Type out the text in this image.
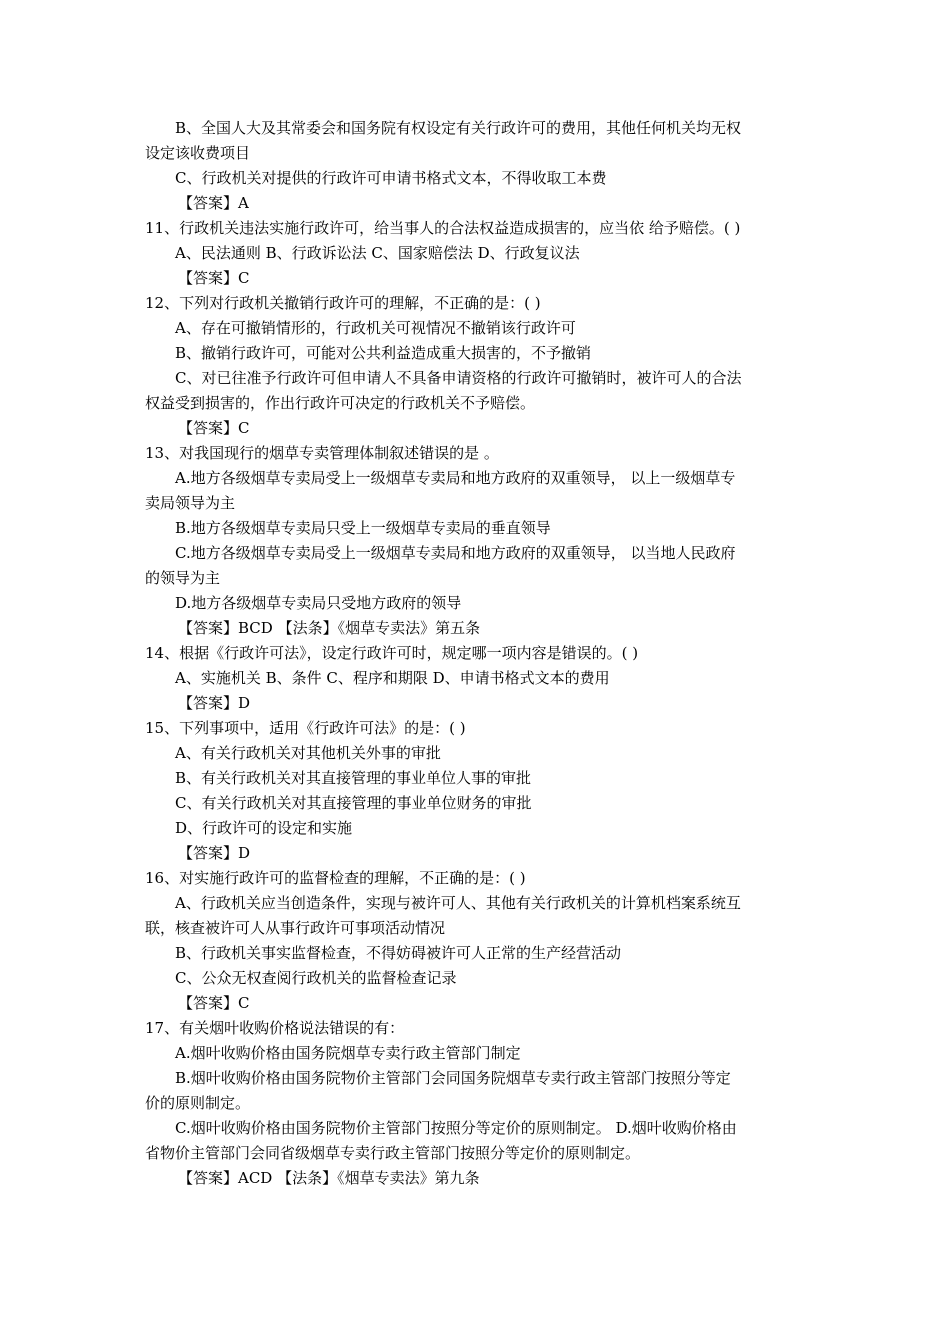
B、全国人大及其常委会和国务院有权设定有关行政许可的费用，其他任何机关均无权
设定该收费项目
C、行政机关对提供的行政许可申请书格式文本，不得收取工本费
【答案】A
11、行政机关违法实施行政许可，给当事人的合法权益造成损害的，应当依 给予赔偿。( )
A、民法通则 B、行政诉讼法 C、国家赔偿法 D、行政复议法
【答案】C
12、下列对行政机关撤销行政许可的理解，不正确的是：( )
A、存在可撤销情形的，行政机关可视情况不撤销该行政许可
B、撤销行政许可，可能对公共利益造成重大损害的，不予撤销
C、对已往准予行政许可但申请人不具备申请资格的行政许可撤销时，被许可人的合法
权益受到损害的，作出行政许可决定的行政机关不予赔偿。
【答案】C
13、对我国现行的烟草专卖管理体制叙述错误的是 。
A.地方各级烟草专卖局受上一级烟草专卖局和地方政府的双重领导， 以上一级烟草专
卖局领导为主
B.地方各级烟草专卖局只受上一级烟草专卖局的垂直领导
C.地方各级烟草专卖局受上一级烟草专卖局和地方政府的双重领导， 以当地人民政府
的领导为主
D.地方各级烟草专卖局只受地方政府的领导
【答案】BCD 【法条】《烟草专卖法》第五条
14、根据《行政许可法》，设定行政许可时，规定哪一项内容是错误的。( )
A、实施机关 B、条件 C、程序和期限 D、申请书格式文本的费用
【答案】D
15、下列事项中，适用《行政许可法》的是：( )
A、有关行政机关对其他机关外事的审批
B、有关行政机关对其直接管理的事业单位人事的审批
C、有关行政机关对其直接管理的事业单位财务的审批
D、行政许可的设定和实施
【答案】D
16、对实施行政许可的监督检查的理解，不正确的是：( )
A、行政机关应当创造条件，实现与被许可人、其他有关行政机关的计算机档案系统互
联，核查被许可人从事行政许可事项活动情况
B、行政机关事实监督检查，不得妨碍被许可人正常的生产经营活动
C、公众无权查阅行政机关的监督检查记录
【答案】C
17、有关烟叶收购价格说法错误的有：
A.烟叶收购价格由国务院烟草专卖行政主管部门制定
B.烟叶收购价格由国务院物价主管部门会同国务院烟草专卖行政主管部门按照分等定
价的原则制定。
C.烟叶收购价格由国务院物价主管部门按照分等定价的原则制定。 D.烟叶收购价格由
省物价主管部门会同省级烟草专卖行政主管部门按照分等定价的原则制定。
【答案】ACD 【法条】《烟草专卖法》第九条
